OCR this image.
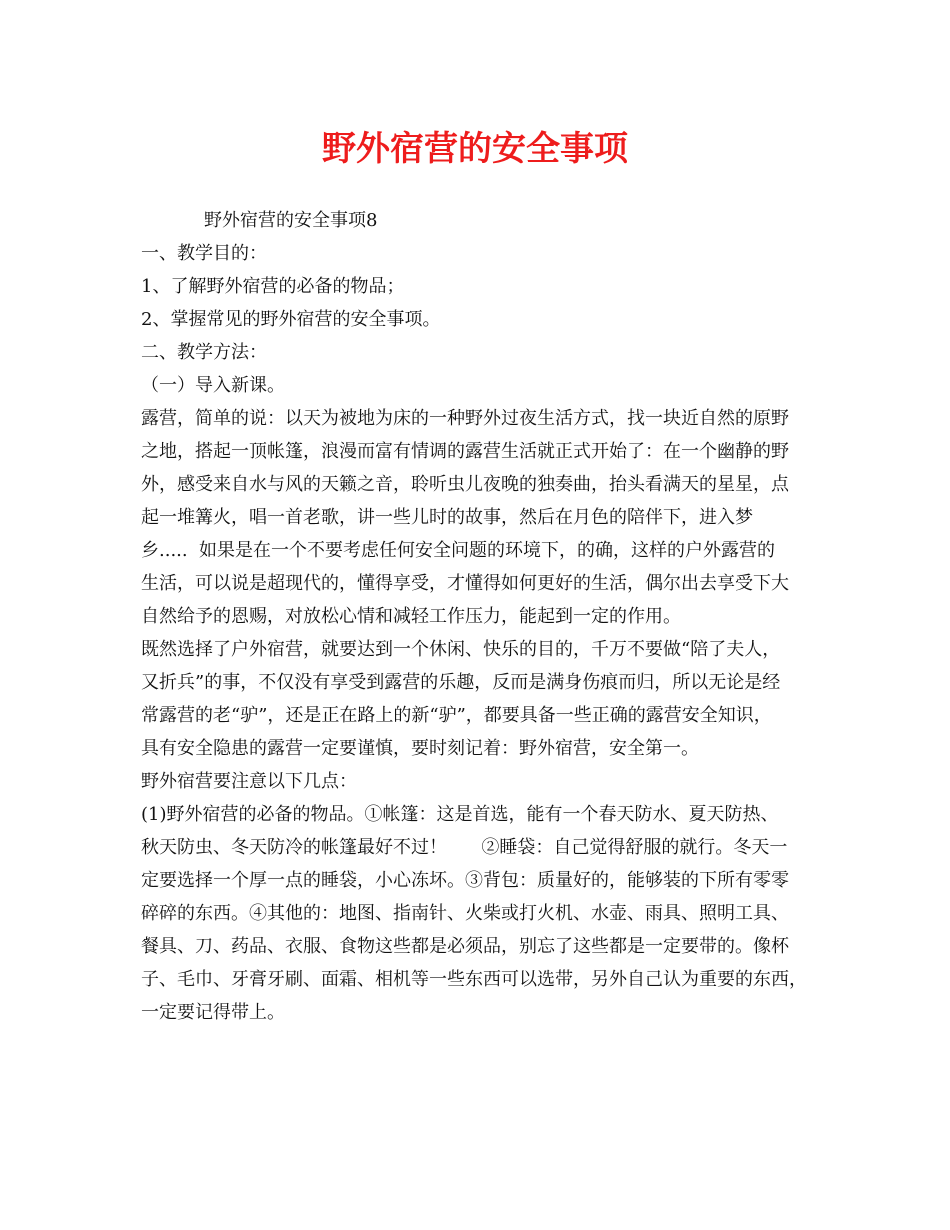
野外宿营的安全事项
野外宿营的安全事项8
一、教学目的：
1、了解野外宿营的必备的物品；
2、掌握常见的野外宿营的安全事项。
二、教学方法：
（一）导入新课。
露营，简单的说：以天为被地为床的一种野外过夜生活方式，找一块近自然的原野
之地，搭起一顶帐篷，浪漫而富有情调的露营生活就正式开始了：在一个幽静的野
外，感受来自水与风的天籁之音，聆听虫儿夜晚的独奏曲，抬头看满天的星星，点
起一堆篝火，唱一首老歌，讲一些儿时的故事，然后在月色的陪伴下，进入梦
乡.....  如果是在一个不要考虑任何安全问题的环境下，的确，这样的户外露营的
生活，可以说是超现代的，懂得享受，才懂得如何更好的生活，偶尔出去享受下大
自然给予的恩赐，对放松心情和减轻工作压力，能起到一定的作用。
既然选择了户外宿营，就要达到一个休闲、快乐的目的，千万不要做“陪了夫人，
又折兵”的事，不仅没有享受到露营的乐趣，反而是满身伤痕而归，所以无论是经
常露营的老“驴”，还是正在路上的新“驴”，都要具备一些正确的露营安全知识，
具有安全隐患的露营一定要谨慎，要时刻记着：野外宿营，安全第一。
野外宿营要注意以下几点：
(1)野外宿营的必备的物品。①帐篷：这是首选，能有一个春天防水、夏天防热、
秋天防虫、冬天防冷的帐篷最好不过！      ②睡袋：自己觉得舒服的就行。冬天一
定要选择一个厚一点的睡袋，小心冻坏。③背包：质量好的，能够装的下所有零零
碎碎的东西。④其他的：地图、指南针、火柴或打火机、水壶、雨具、照明工具、
餐具、刀、药品、衣服、食物这些都是必须品，别忘了这些都是一定要带的。像杯
子、毛巾、牙膏牙刷、面霜、相机等一些东西可以选带，另外自己认为重要的东西，
一定要记得带上。
